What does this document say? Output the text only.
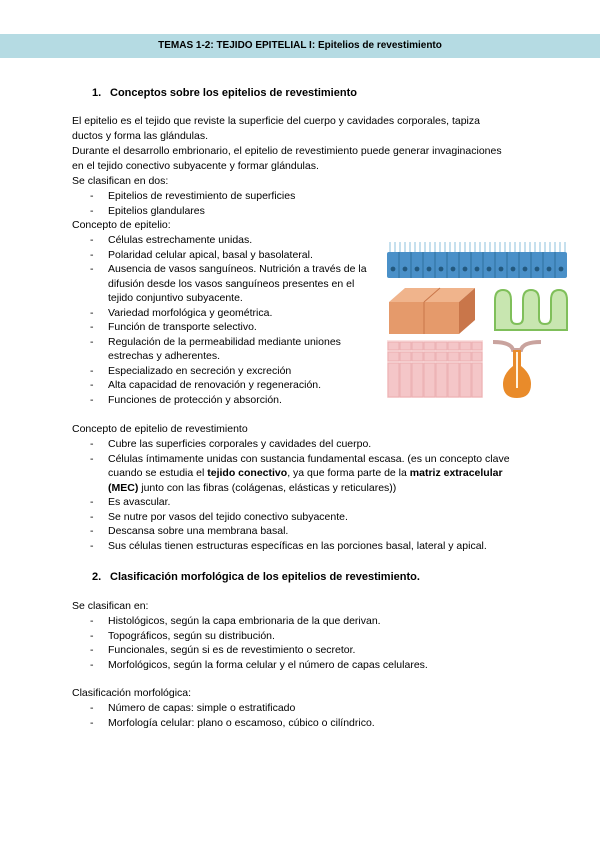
TEMAS 1-2: TEJIDO EPITELIAL I: Epitelios de revestimiento
1. Conceptos sobre los epitelios de revestimiento
El epitelio es el tejido que reviste la superficie del cuerpo y cavidades corporales, tapiza
ductos y forma las glándulas.
Durante el desarrollo embrionario, el epitelio de revestimiento puede generar invaginaciones
en el tejido conectivo subyacente y formar glándulas.
Se clasifican en dos:
- Epitelios de revestimiento de superficies
- Epitelios glandulares
Concepto de epitelio:
- Células estrechamente unidas.
- Polaridad celular apical, basal y basolateral.
- Ausencia de vasos sanguíneos. Nutrición a través de la difusión desde los vasos sanguíneos presentes en el tejido conjuntivo subyacente.
- Variedad morfológica y geométrica.
- Función de transporte selectivo.
- Regulación de la permeabilidad mediante uniones estrechas y adherentes.
- Especializado en secreción y excreción
- Alta capacidad de renovación y regeneración.
- Funciones de protección y absorción.
Concepto de epitelio de revestimiento
- Cubre las superficies corporales y cavidades del cuerpo.
- Células íntimamente unidas con sustancia fundamental escasa. (es un concepto clave cuando se estudia el tejido conectivo, ya que forma parte de la matriz extracelular (MEC) junto con las fibras (colágenas, elásticas y reticulares))
- Es avascular.
- Se nutre por vasos del tejido conectivo subyacente.
- Descansa sobre una membrana basal.
- Sus células tienen estructuras específicas en las porciones basal, lateral y apical.
2. Clasificación morfológica de los epitelios de revestimiento.
Se clasifican en:
- Histológicos, según la capa embrionaria de la que derivan.
- Topográficos, según su distribución.
- Funcionales, según si es de revestimiento o secretor.
- Morfológicos, según la forma celular y el número de capas celulares.
Clasificación morfológica:
- Número de capas: simple o estratificado
- Morfología celular: plano o escamoso, cúbico o cilíndrico.
